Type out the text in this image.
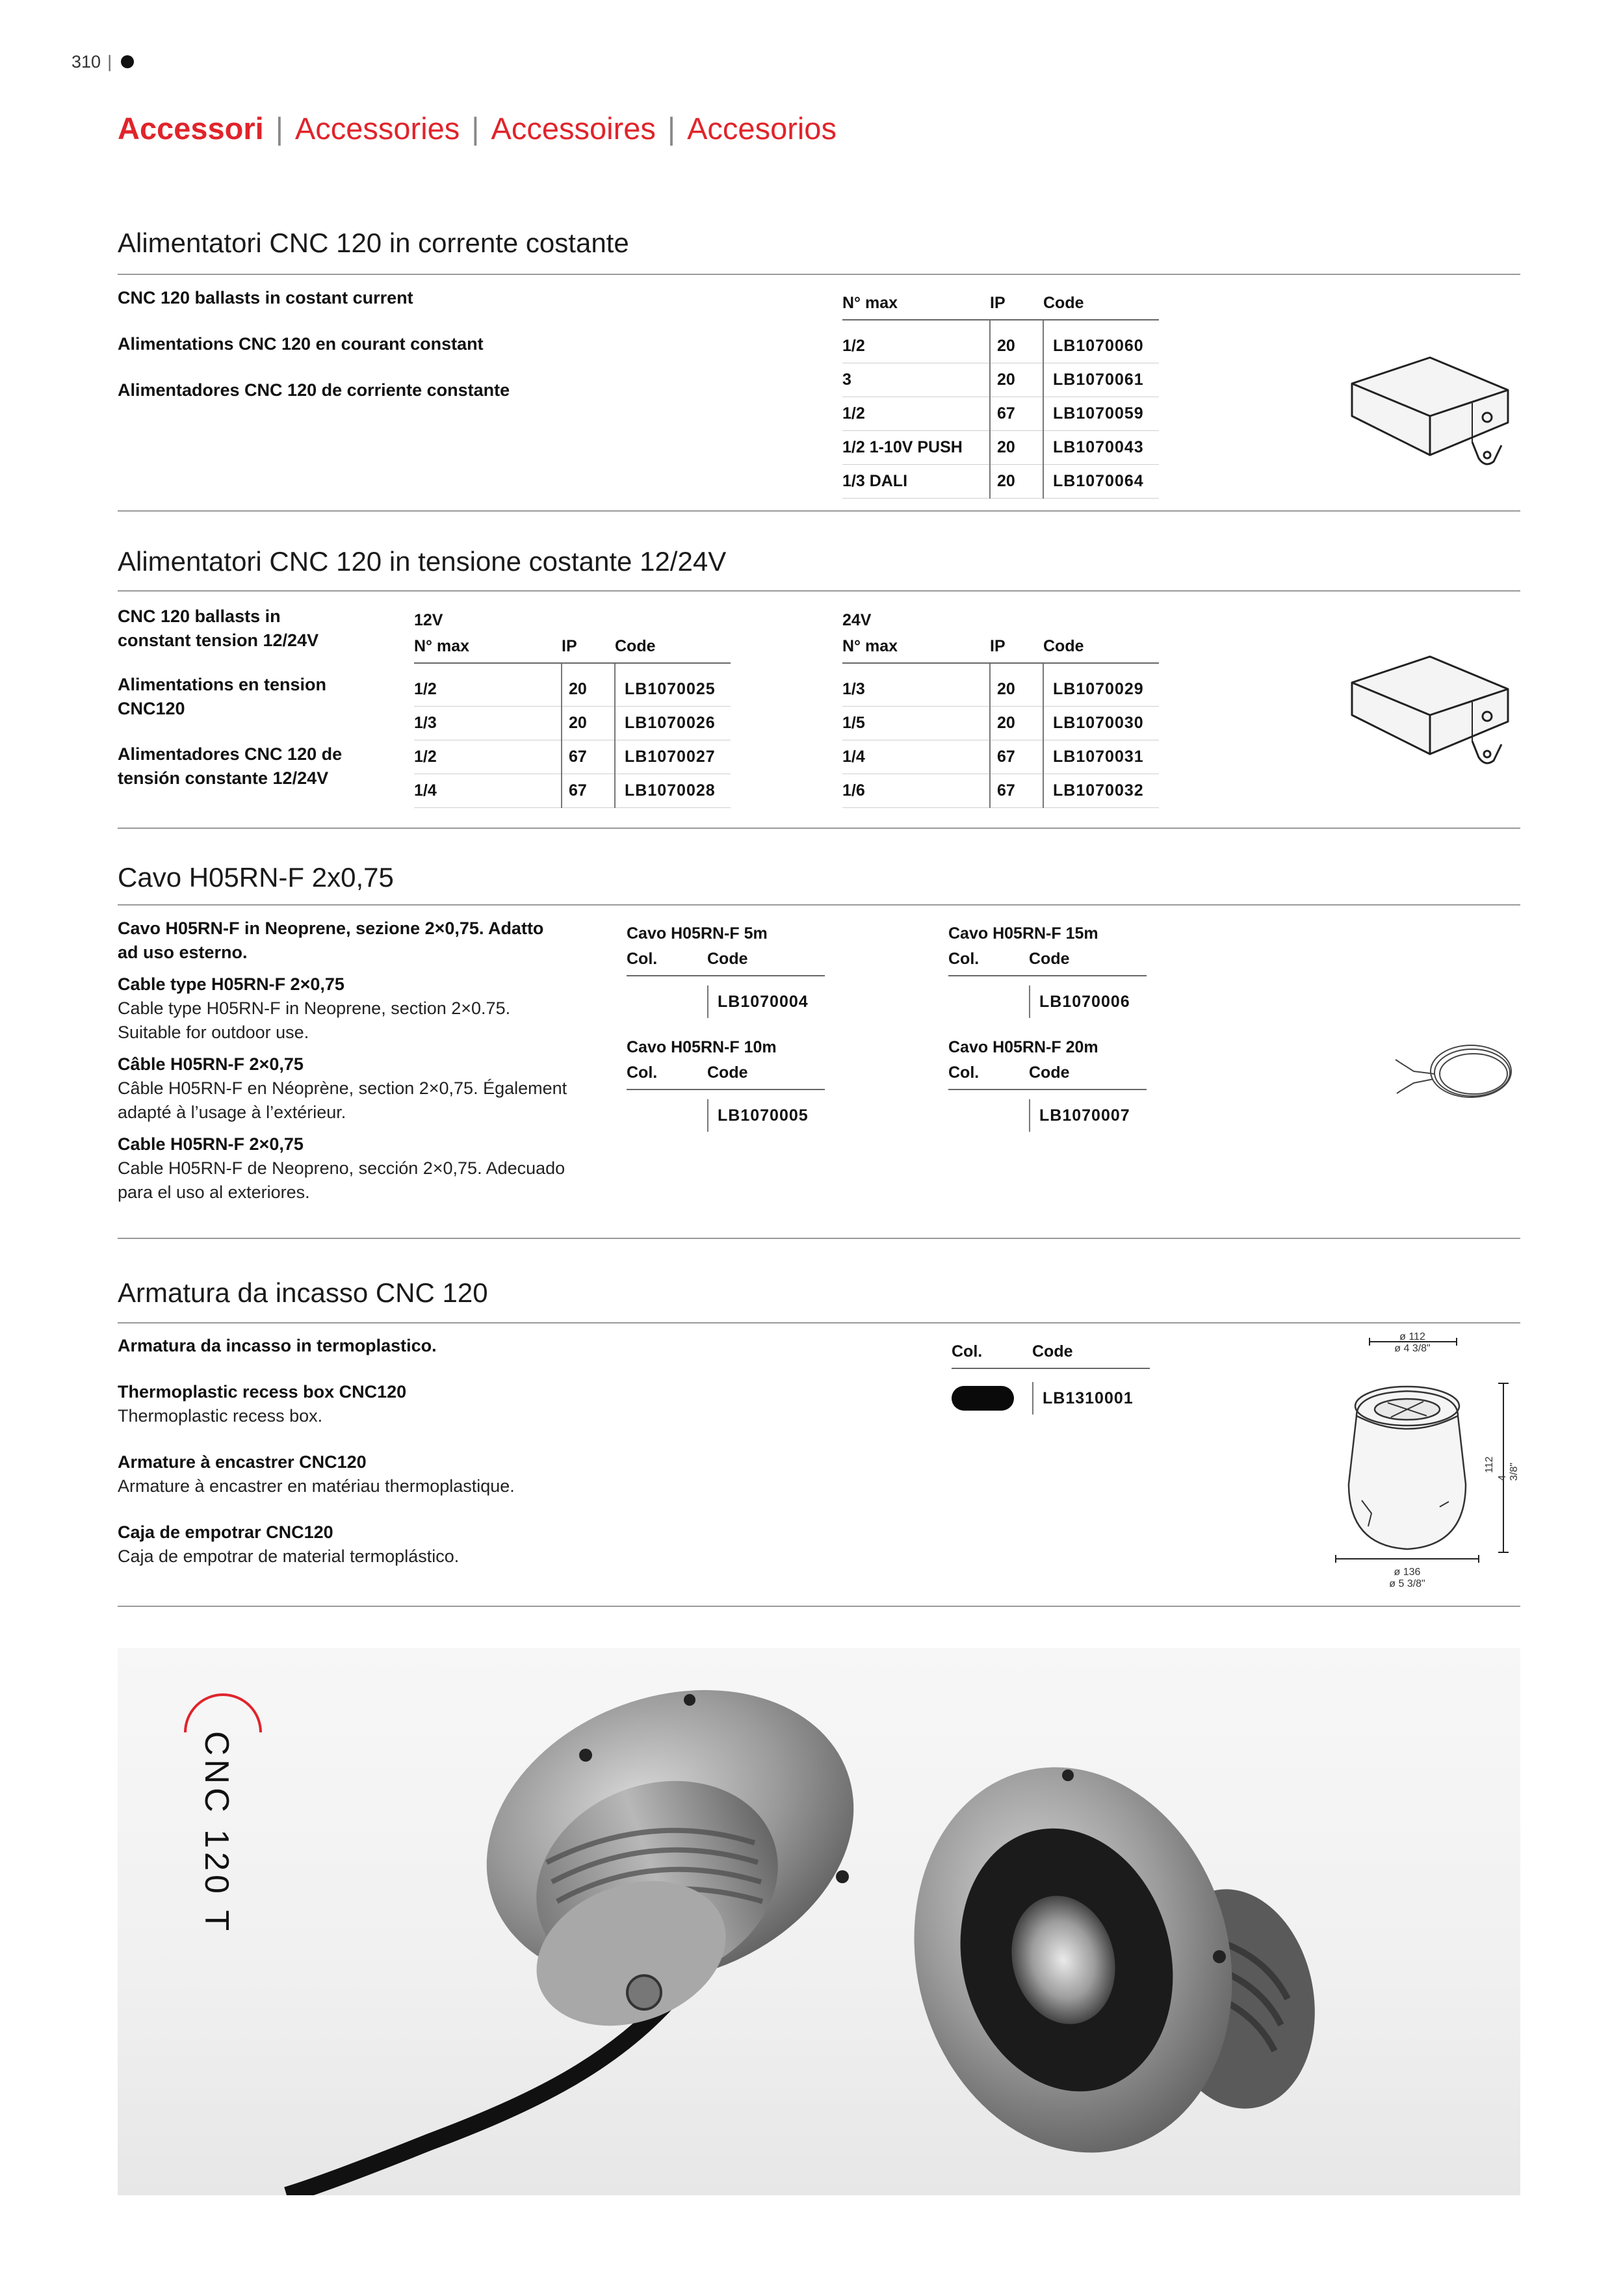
310 |
Accessori | Accessories | Accessoires | Accesorios
Alimentatori CNC 120 in corrente costante
CNC 120 ballasts in costant current
Alimentations CNC 120 en courant constant
Alimentadores CNC 120 de corriente constante
N° max	IP	Code
1/2	20	LB1070060
3	20	LB1070061
1/2	67	LB1070059
1/2 1-10V PUSH	20	LB1070043
1/3 DALI	20	LB1070064
Alimentatori CNC 120 in tensione costante 12/24V
CNC 120 ballasts in constant tension 12/24V
Alimentations en tension CNC120
Alimentadores CNC 120 de tensión constante 12/24V
12V
N° max	IP	Code
1/2	20	LB1070025
1/3	20	LB1070026
1/2	67	LB1070027
1/4	67	LB1070028
24V
N° max	IP	Code
1/3	20	LB1070029
1/5	20	LB1070030
1/4	67	LB1070031
1/6	67	LB1070032
Cavo H05RN-F 2x0,75
Cavo H05RN-F in Neoprene, sezione 2×0,75. Adatto ad uso esterno.
Cable type H05RN-F 2×0,75
Cable type H05RN-F in Neoprene, section 2×0.75. Suitable for outdoor use.
Câble H05RN-F 2×0,75
Câble H05RN-F en Néoprène, section 2×0,75. Également adapté à l’usage à l’extérieur.
Cable H05RN-F 2×0,75
Cable H05RN-F de Neopreno, sección 2×0,75. Adecuado para el uso al exteriores.
Cavo H05RN-F 5m
Col.	Code
LB1070004
Cavo H05RN-F 15m
Col.	Code
LB1070006
Cavo H05RN-F 10m
Col.	Code
LB1070005
Cavo H05RN-F 20m
Col.	Code
LB1070007
Armatura da incasso CNC 120
Armatura da incasso in termoplastico.
Thermoplastic recess box CNC120
Thermoplastic recess box.
Armature à encastrer CNC120
Armature à encastrer en matériau thermoplastique.
Caja de empotrar CNC120
Caja de empotrar de material termoplástico.
Col.	Code
LB1310001
ø 112
ø 4 3/8"
112
4 3/8"
ø 136
ø 5 3/8"
CNC 120 T
